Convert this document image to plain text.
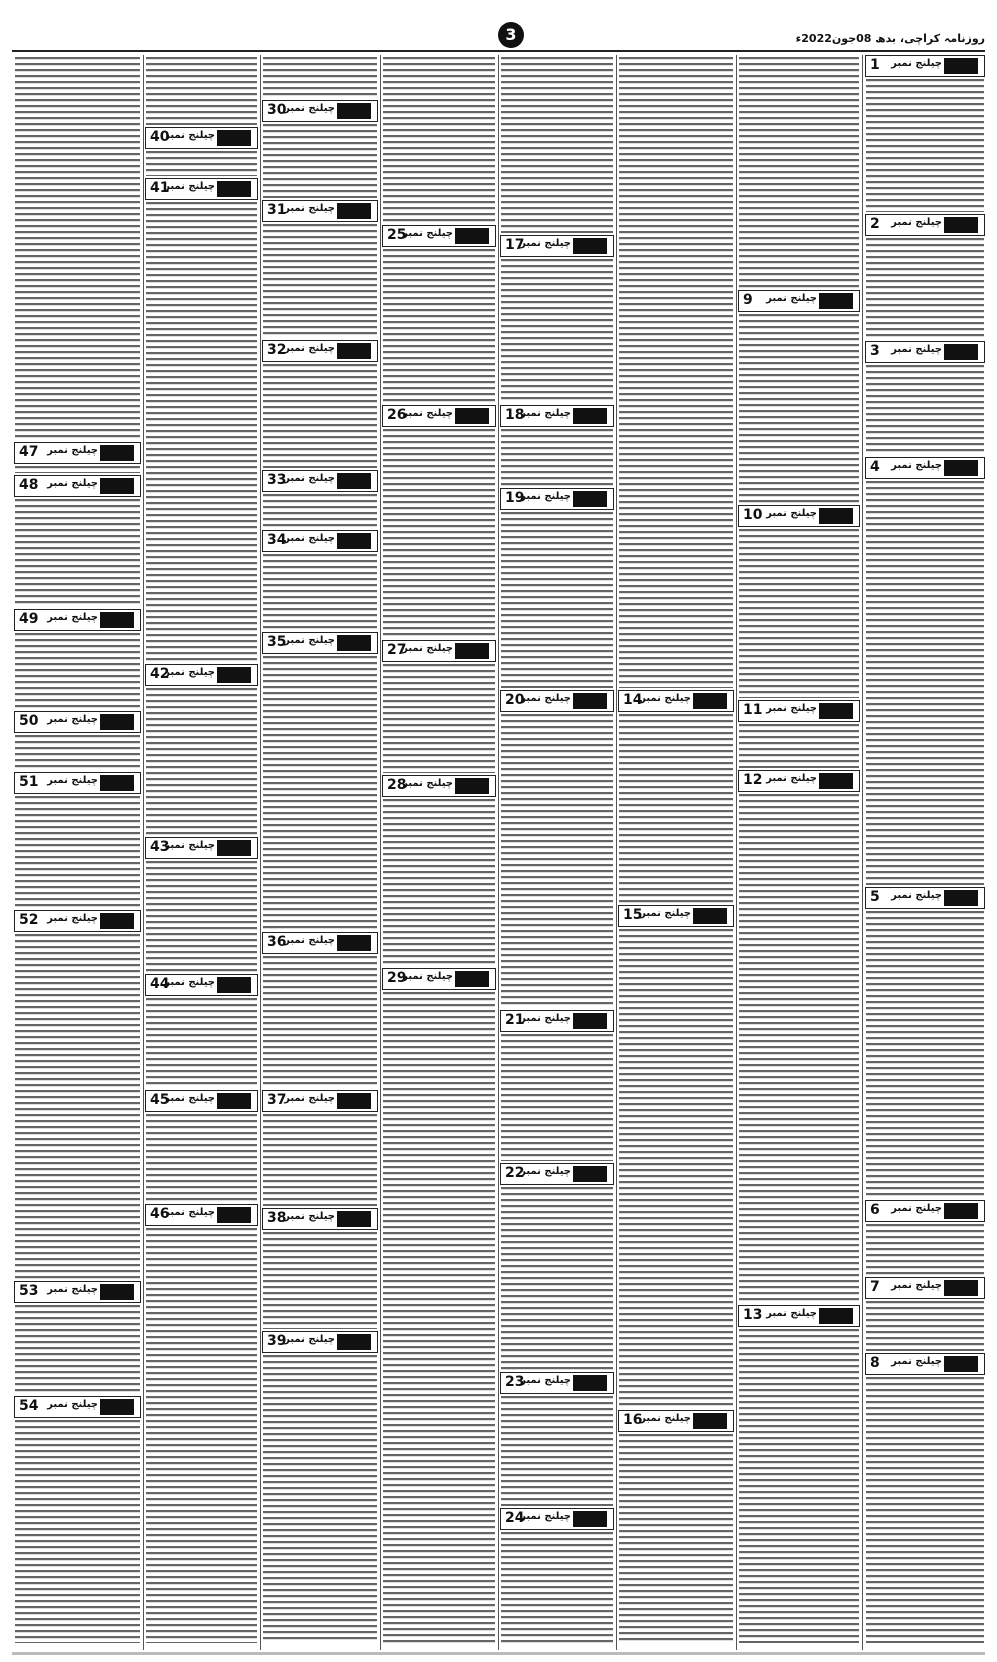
روزنامہ کراچی، بدھ 08جون2022ء
3
1 چیلنج نمبر
2 چیلنج نمبر
3 چیلنج نمبر
4 چیلنج نمبر
5 چیلنج نمبر
6 چیلنج نمبر
7 چیلنج نمبر
8 چیلنج نمبر
9 چیلنج نمبر
10 چیلنج نمبر
11 چیلنج نمبر
12 چیلنج نمبر
13 چیلنج نمبر
14
چیلنج نمبر
15
چیلنج نمبر
16
چیلنج نمبر
17
چیلنج نمبر
18
چیلنج نمبر
19
چیلنج نمبر
20
چیلنج نمبر
21
چیلنج نمبر
22
چیلنج نمبر
23
چیلنج نمبر
24
چیلنج نمبر
25
چیلنج نمبر
26
چیلنج نمبر
27
چیلنج نمبر
28
چیلنج نمبر
29
چیلنج نمبر
30
چیلنج نمبر
31
چیلنج نمبر
32
چیلنج نمبر
33
چیلنج نمبر
34
چیلنج نمبر
35
چیلنج نمبر
36
چیلنج نمبر
37
چیلنج نمبر
38
چیلنج نمبر
39
چیلنج نمبر
40
چیلنج نمبر
41
چیلنج نمبر
42
چیلنج نمبر
43
چیلنج نمبر
44
چیلنج نمبر
45
چیلنج نمبر
46
چیلنج نمبر
47 چیلنج نمبر
48 چیلنج نمبر
49 چیلنج نمبر
50 چیلنج نمبر
51 چیلنج نمبر
52 چیلنج نمبر
53 چیلنج نمبر
54 چیلنج نمبر
